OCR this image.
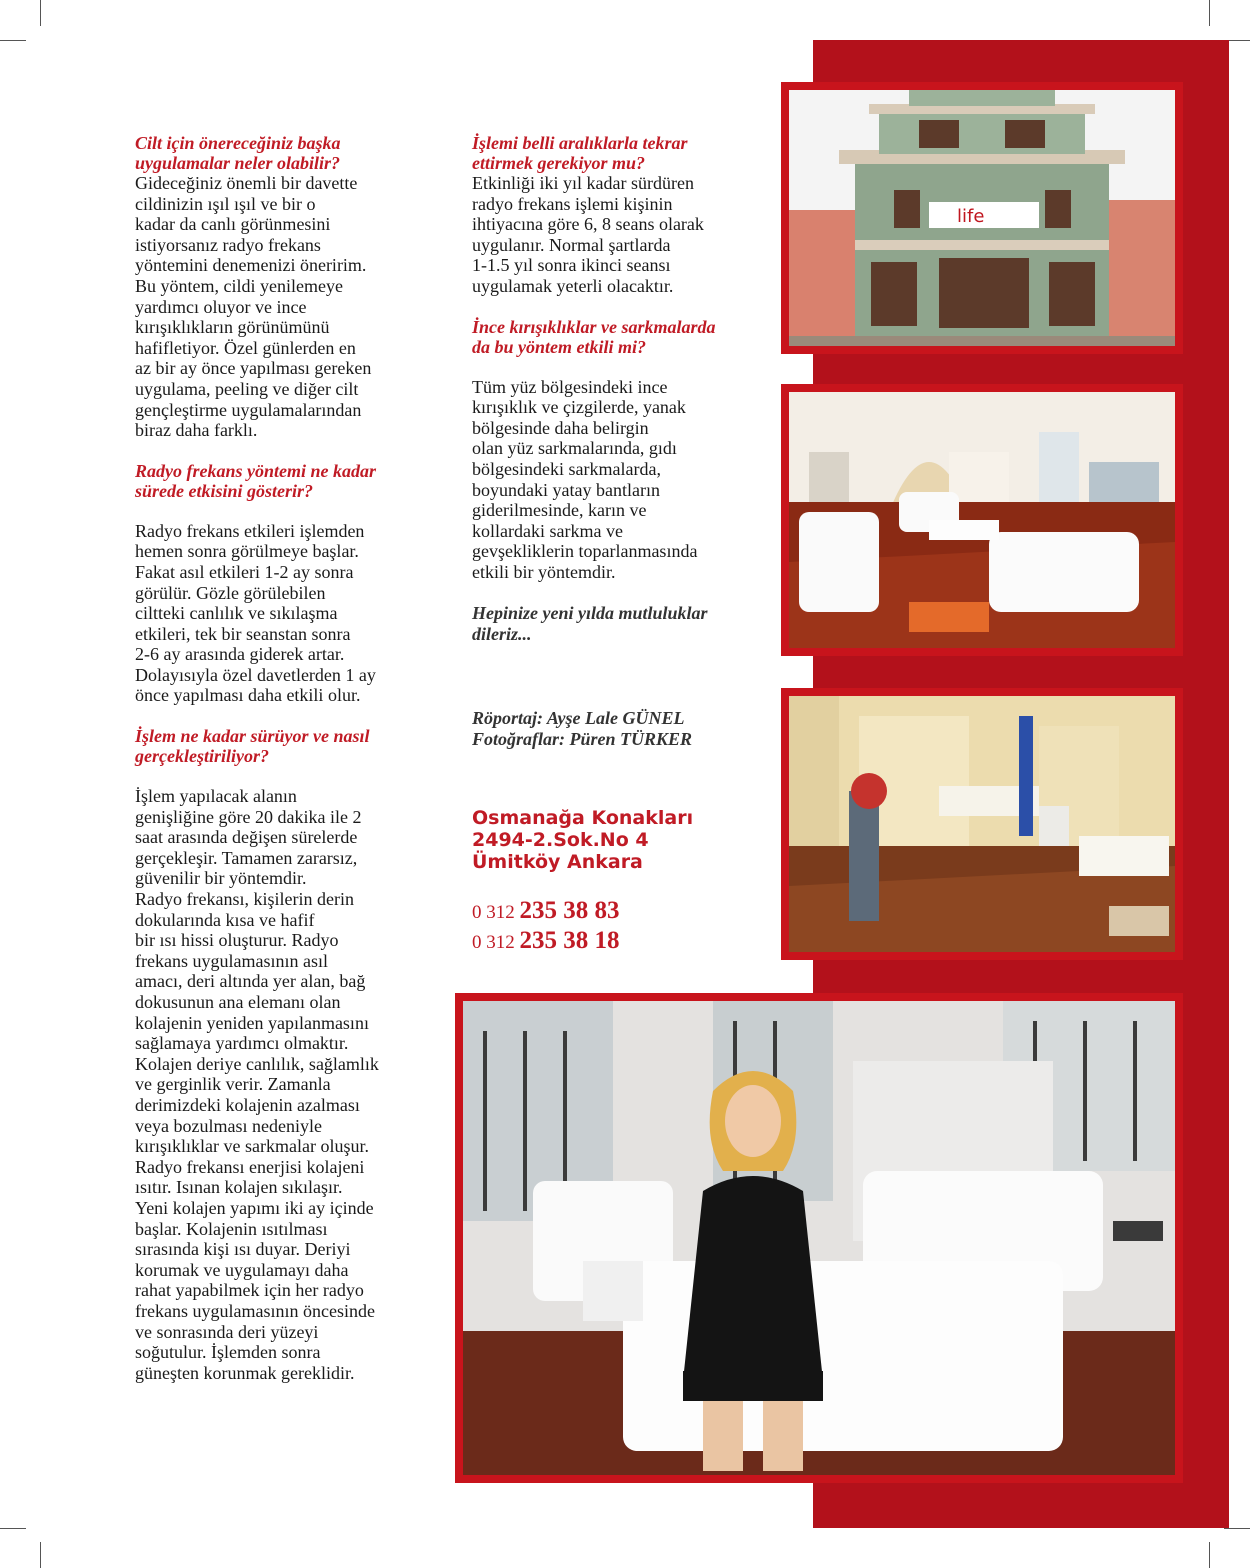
Cilt için önereceğiniz başka
uygulamalar neler olabilir?

Gideceğiniz önemli bir davette
cildinizin ışıl ışıl ve bir o
kadar da canlı görünmesini
istiyorsanız radyo frekans
yöntemini denemenizi öneririm.
Bu yöntem, cildi yenilemeye
yardımcı oluyor ve ince
kırışıklıkların görünümünü
hafifletiyor. Özel günlerden en
az bir ay önce yapılması gereken
uygulama, peeling ve diğer cilt
gençleştirme uygulamalarından
biraz daha farklı.

Radyo frekans yöntemi ne kadar
sürede etkisini gösterir?

Radyo frekans etkileri işlemden
hemen sonra görülmeye başlar.
Fakat asıl etkileri 1-2 ay sonra
görülür. Gözle görülebilen
ciltteki canlılık ve sıkılaşma
etkileri, tek bir seanstan sonra
2-6 ay arasında giderek artar.
Dolayısıyla özel davetlerden 1 ay
önce yapılması daha etkili olur.

İşlem ne kadar sürüyor ve nasıl
gerçekleştiriliyor?

İşlem yapılacak alanın
genişliğine göre 20 dakika ile 2
saat arasında değişen sürelerde
gerçekleşir. Tamamen zararsız,
güvenilir bir yöntemdir.
Radyo frekansı, kişilerin derin
dokularında kısa ve hafif
bir ısı hissi oluşturur. Radyo
frekans uygulamasının asıl
amacı, deri altında yer alan, bağ
dokusunun ana elemanı olan
kolajenin yeniden yapılanmasını
sağlamaya yardımcı olmaktır.
Kolajen deriye canlılık, sağlamlık
ve gerginlik verir. Zamanla
derimizdeki kolajenin azalması
veya bozulması nedeniyle
kırışıklıklar ve sarkmalar oluşur.
Radyo frekansı enerjisi kolajeni
ısıtır. Isınan kolajen sıkılaşır.
Yeni kolajen yapımı iki ay içinde
başlar. Kolajenin ısıtılması
sırasında kişi ısı duyar. Deriyi
korumak ve uygulamayı daha
rahat yapabilmek için her radyo
frekans uygulamasının öncesinde
ve sonrasında deri yüzeyi
soğutulur. İşlemden sonra
güneşten korunmak gereklidir.

İşlemi belli aralıklarla tekrar
ettirmek gerekiyor mu?

Etkinliği iki yıl kadar sürdüren
radyo frekans işlemi kişinin
ihtiyacına göre 6, 8 seans olarak
uygulanır. Normal şartlarda
1-1.5 yıl sonra ikinci seansı
uygulamak yeterli olacaktır.

İnce kırışıklıklar ve sarkmalarda
da bu yöntem etkili mi?

Tüm yüz bölgesindeki ince
kırışıklık ve çizgilerde, yanak
bölgesinde daha belirgin
olan yüz sarkmalarında, gıdı
bölgesindeki sarkmalarda,
boyundaki yatay bantların
giderilmesinde, karın ve
kollardaki sarkma ve
gevşekliklerin toparlanmasında
etkili bir yöntemdir.

Hepinize yeni yılda mutluluklar
dileriz...

Röportaj: Ayşe Lale GÜNEL
Fotoğraflar: Püren TÜRKER

Osmanağa Konakları
2494-2.Sok.No 4
Ümitköy Ankara

0 312 235 38 83

0 312 235 38 18

life
